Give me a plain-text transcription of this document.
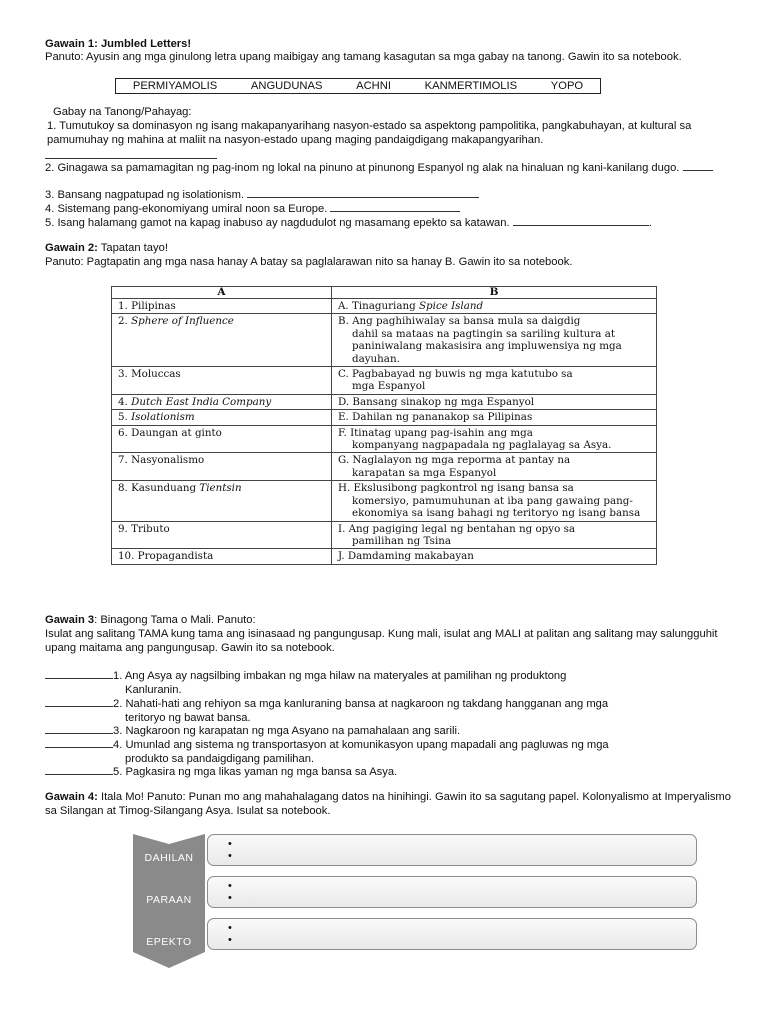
Gawain 1: Jumbled Letters!
Panuto: Ayusin ang mga ginulong letra upang maibigay ang tamang kasagutan sa mga gabay na tanong. Gawin ito sa notebook.
PERMIYAMOLIS	ANGUDUNAS	ACHNI	KANMERTIMOLIS	YOPO
Gabay na Tanong/Pahayag:
1. Tumutukoy sa dominasyon ng isang makapanyarihang nasyon-estado sa aspektong pampolitika, pangkabuhayan, at kultural sa pamumuhay ng mahina at maliit na nasyon-estado upang maging pandaigdigang makapangyarihan.
2. Ginagawa sa pamamagitan ng pag-inom ng lokal na pinuno at pinunong Espanyol ng alak na hinaluan ng kani-kanilang dugo.
3. Bansang nagpatupad ng isolationism.
4. Sistemang pang-ekonomiyang umiral noon sa Europe.
5. Isang halamang gamot na kapag inabuso ay nagdudulot ng masamang epekto sa katawan.	.
Gawain 2: Tapatan tayo!
Panuto: Pagtapatin ang mga nasa hanay A batay sa paglalarawan nito sa hanay B. Gawin ito sa notebook.
A	B
1. Pilipinas	A. Tinaguriang Spice Island
2. Sphere of Influence	B. Ang paghihiwalay sa bansa mula sa daigdig
dahil sa mataas na pagtingin sa sariling kultura at paniniwalang makasisira ang impluwensiya ng mga dayuhan.

3. Moluccas	C. Pagbabayad ng buwis ng mga katutubo sa
mga Espanyol

4. Dutch East India Company	D. Bansang sinakop ng mga Espanyol
5. Isolationism	E. Dahilan ng pananakop sa Pilipinas
6. Daungan at ginto	F. Itinatag upang pag-isahin ang mga
kompanyang nagpapadala ng paglalayag sa Asya.

7. Nasyonalismo	G. Naglalayon ng mga reporma at pantay na
karapatan sa mga Espanyol

8. Kasunduang Tientsin	H. Ekslusibong pagkontrol ng isang bansa sa
komersiyo, pamumuhunan at iba pang gawaing pang-ekonomiya sa isang bahagi ng teritoryo ng isang bansa

9. Tributo	I. Ang pagiging legal ng bentahan ng opyo sa
pamilihan ng Tsina

10. Propagandista	J. Damdaming makabayan
Gawain 3: Binagong Tama o Mali. Panuto:
Isulat ang salitang TAMA kung tama ang isinasaad ng pangungusap. Kung mali, isulat ang MALI at palitan ang salitang may salungguhit upang maitama ang pangungusap. Gawin ito sa notebook.
1. Ang Asya ay nagsilbing imbakan ng mga hilaw na materyales at pamilihan ng produktong
Kanluranin.
2. Nahati-hati ang rehiyon sa mga kanluraning bansa at nagkaroon ng takdang hangganan ang mga
teritoryo ng bawat bansa.
3. Nagkaroon ng karapatan ng mga Asyano na pamahalaan ang sarili.
4. Umunlad ang sistema ng transportasyon at komunikasyon upang mapadali ang pagluwas ng mga
produkto sa pandaigdigang pamilihan.
5. Pagkasira ng mga likas yaman ng mga bansa sa Asya.
Gawain 4: Itala Mo! Panuto: Punan mo ang mahahalagang datos na hinihingi. Gawin ito sa sagutang papel. Kolonyalismo at Imperyalismo sa Silangan at Timog-Silangang Asya. Isulat sa notebook.
DAHILAN
•
•
PARAAN
•
•
EPEKTO
•
•
